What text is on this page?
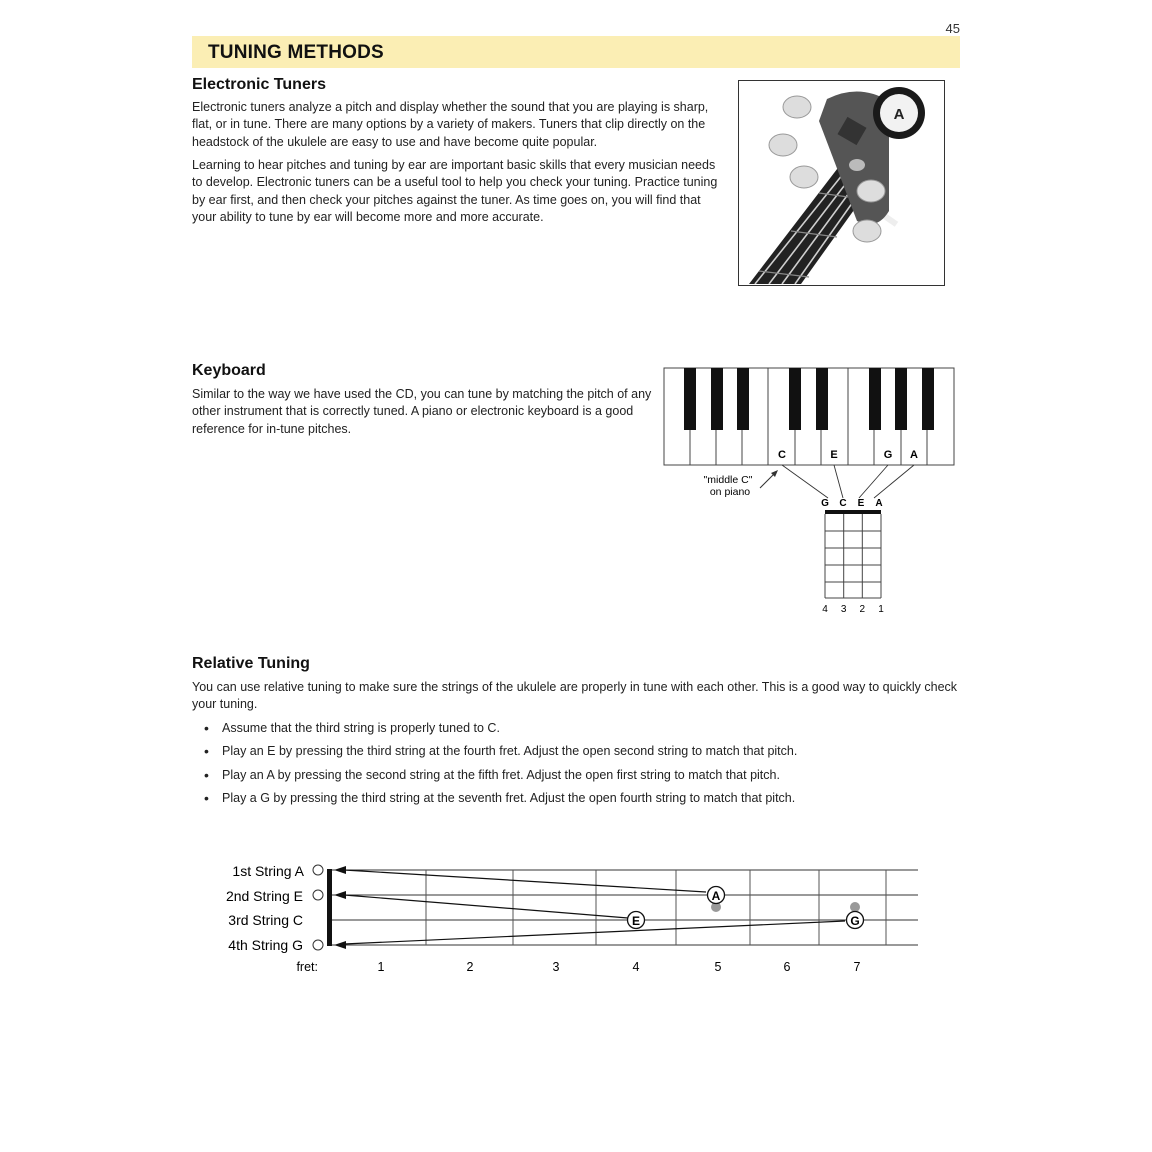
45
TUNING METHODS
Electronic Tuners
Electronic tuners analyze a pitch and display whether the sound that you are playing is sharp, flat, or in tune. There are many options by a variety of makers. Tuners that clip directly on the headstock of the ukulele are easy to use and have become quite popular.
Learning to hear pitches and tuning by ear are important basic skills that every musician needs to develop. Electronic tuners can be a useful tool to help you check your tuning. Practice tuning by ear first, and then check your pitches against the tuner. As time goes on, you will find that your ability to tune by ear will become more and more accurate.
A
Keyboard
Similar to the way we have used the CD, you can tune by matching the pitch of any other instrument that is correctly tuned. A piano or electronic keyboard is a good reference for in-tune pitches.
C	E	G A
"middle C"
on piano
G C E A
4 3 2 1
Relative Tuning
You can use relative tuning to make sure the strings of the ukulele are properly in tune with each other. This is a good way to quickly check your tuning.
• Assume that the third string is properly tuned to C.
• Play an E by pressing the third string at the fourth fret. Adjust the open second string to match that pitch.
• Play an A by pressing the second string at the fifth fret. Adjust the open first string to match that pitch.
• Play a G by pressing the third string at the seventh fret. Adjust the open fourth string to match that pitch.
1st String A
2nd String E
3rd String C
4th String G
A
E	G
fret:	1	2	3	4	5	6	7
